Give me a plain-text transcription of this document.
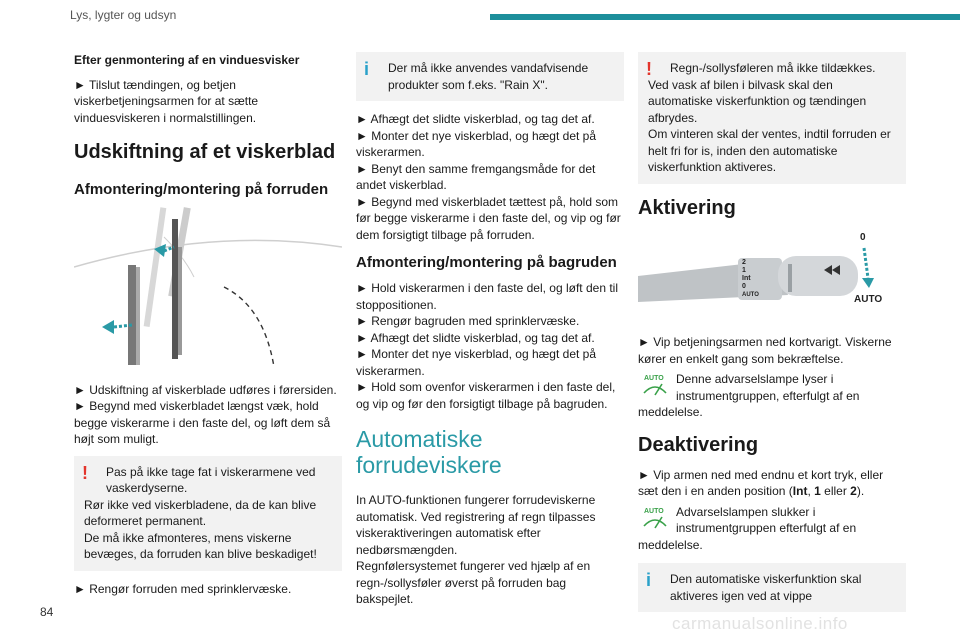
Lys, lygter og udsyn

Efter genmontering af en vinduesvisker

► Tilslut tændingen, og betjen viskerbetjeningsarmen for at sætte vinduesviskeren i normalstillingen.

Udskiftning af et viskerblad
Afmontering/montering på forruden

► Udskiftning af viskerblade udføres i førersiden.
► Begynd med viskerbladet længst væk, hold begge viskerarme i den faste del, og løft dem så højt som muligt.

!	Pas på ikke tage fat i viskerarmene ved vaskerdyserne.
Rør ikke ved viskerbladene, da de kan blive deformeret permanent.
De må ikke afmonteres, mens viskerne bevæges, da forruden kan blive beskadiget!

► Rengør forruden med sprinklervæske.

i	Der må ikke anvendes vandafvisende produkter som f.eks. "Rain X".

► Afhægt det slidte viskerblad, og tag det af.
► Monter det nye viskerblad, og hægt det på viskerarmen.
► Benyt den samme fremgangsmåde for det andet viskerblad.
► Begynd med viskerbladet tættest på, hold som før begge viskerarme i den faste del, og vip og før dem forsigtigt tilbage på forruden.

Afmontering/montering på bagruden

► Hold viskerarmen i den faste del, og løft den til stoppositionen.
► Rengør bagruden med sprinklervæske.
► Afhægt det slidte viskerblad, og tag det af.
► Monter det nye viskerblad, og hægt det på viskerarmen.
► Hold som ovenfor viskerarmen i den faste del, og vip og før den forsigtigt tilbage på bagruden.

Automatiske
forrudeviskere

In AUTO-funktionen fungerer forrudeviskerne automatisk. Ved registrering af regn tilpasses viskeraktiveringen automatisk efter nedbørsmængden.
Regnfølersystemet fungerer ved hjælp af en regn-/sollysføler øverst på forruden bag bakspejlet.

!	Regn-/sollysføleren må ikke tildækkes.
Ved vask af bilen i bilvask skal den automatiske viskerfunktion og tændingen afbrydes.
Om vinteren skal der ventes, indtil forruden er helt fri for is, inden den automatiske viskerfunktion aktiveres.
Aktivering
2
1
Int
0
AUTO
0
AUTO

► Vip betjeningsarmen ned kortvarigt. Viskerne kører en enkelt gang som bekræftelse.

AUTO Denne advarselslampe lyser i instrumentgruppen, efterfulgt af en meddelelse.
Deaktivering

► Vip armen ned med endnu et kort tryk, eller sæt den i en anden position (Int, 1 eller 2).

AUTO Advarselslampen slukker i instrumentgruppen efterfulgt af en meddelelse.
i	Den automatiske viskerfunktion skal aktiveres igen ved at vippe
84
carmanualsonline.info
